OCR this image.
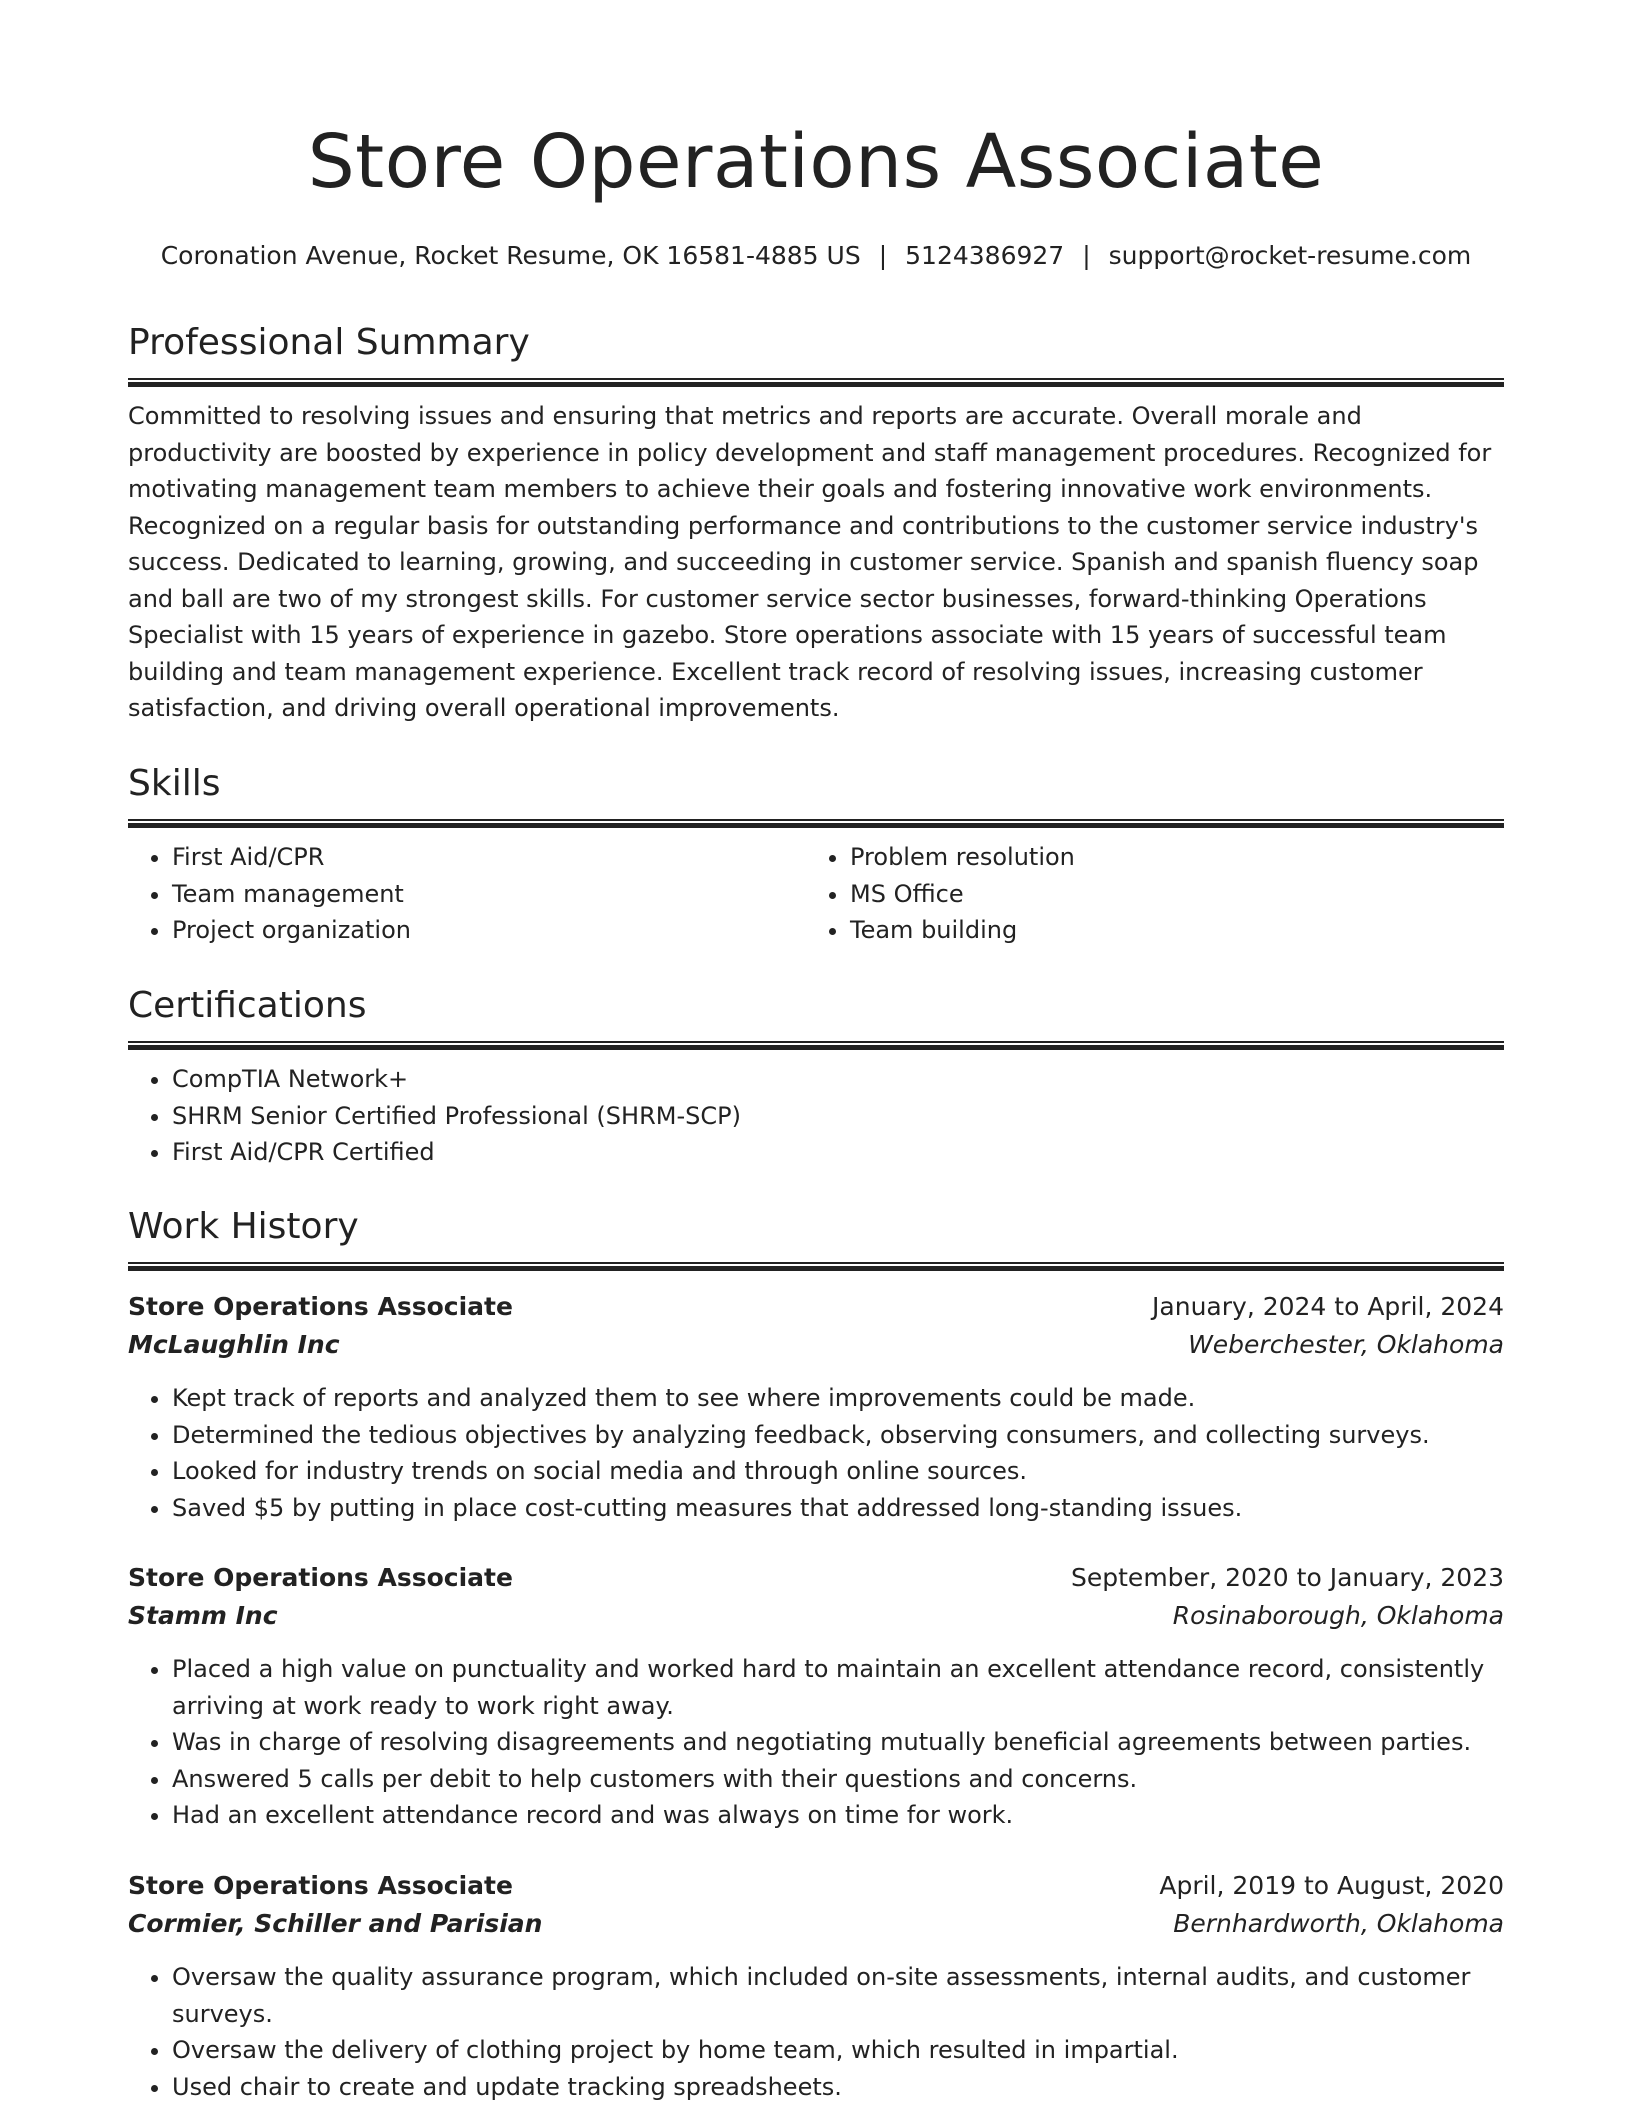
Store Operations Associate
Coronation Avenue, Rocket Resume, OK 16581-4885 US | 5124386927 | support@rocket-resume.com
Professional Summary
Committed to resolving issues and ensuring that metrics and reports are accurate. Overall morale and productivity are boosted by experience in policy development and staff management procedures. Recognized for motivating management team members to achieve their goals and fostering innovative work environments. Recognized on a regular basis for outstanding performance and contributions to the customer service industry's success. Dedicated to learning, growing, and succeeding in customer service. Spanish and spanish fluency soap and ball are two of my strongest skills. For customer service sector businesses, forward-thinking Operations Specialist with 15 years of experience in gazebo. Store operations associate with 15 years of successful team building and team management experience. Excellent track record of resolving issues, increasing customer satisfaction, and driving overall operational improvements.
Skills
• First Aid/CPR
• Team management
• Project organization
• Problem resolution
• MS Office
• Team building
Certifications
• CompTIA Network+
• SHRM Senior Certified Professional (SHRM-SCP)
• First Aid/CPR Certified
Work History
Store Operations Associate	January, 2024 to April, 2024
McLaughlin Inc	Weberchester, Oklahoma
• Kept track of reports and analyzed them to see where improvements could be made.
• Determined the tedious objectives by analyzing feedback, observing consumers, and collecting surveys.
• Looked for industry trends on social media and through online sources.
• Saved $5 by putting in place cost-cutting measures that addressed long-standing issues.
Store Operations Associate	September, 2020 to January, 2023
Stamm Inc	Rosinaborough, Oklahoma
• Placed a high value on punctuality and worked hard to maintain an excellent attendance record, consistently arriving at work ready to work right away.
• Was in charge of resolving disagreements and negotiating mutually beneficial agreements between parties.
• Answered 5 calls per debit to help customers with their questions and concerns.
• Had an excellent attendance record and was always on time for work.
Store Operations Associate	April, 2019 to August, 2020
Cormier, Schiller and Parisian	Bernhardworth, Oklahoma
• Oversaw the quality assurance program, which included on-site assessments, internal audits, and customer surveys.
• Oversaw the delivery of clothing project by home team, which resulted in impartial.
• Used chair to create and update tracking spreadsheets.
